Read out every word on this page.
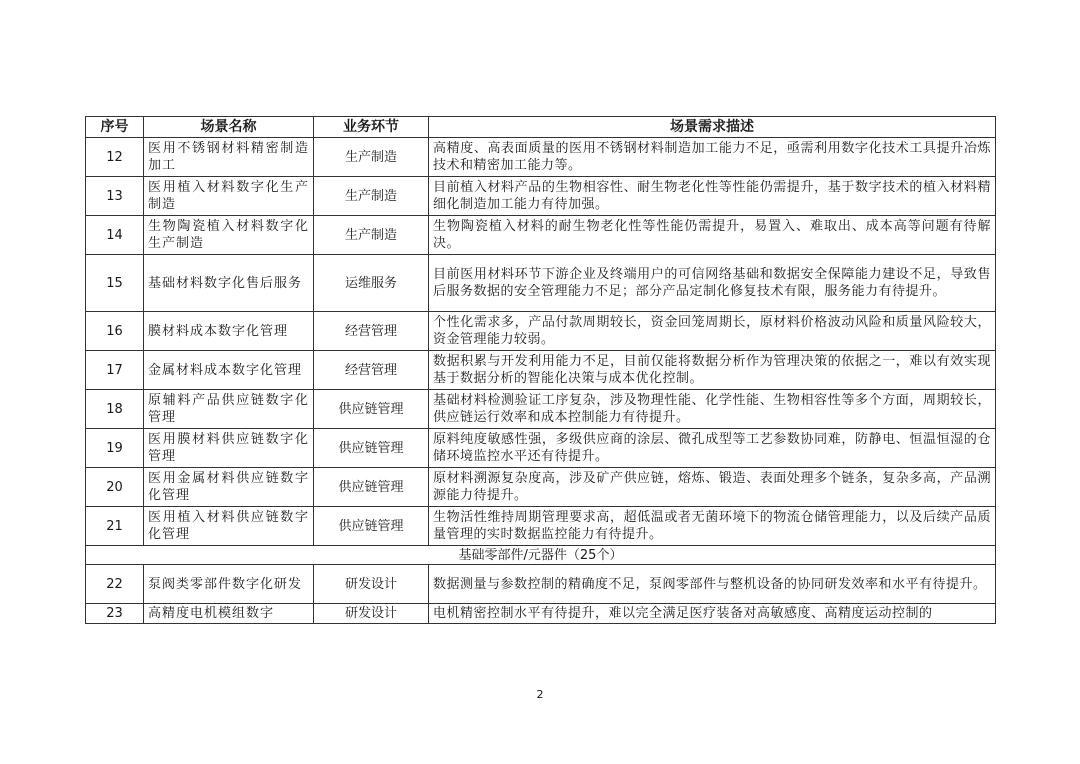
序号	场景名称	业务环节	场景需求描述
12	医用不锈钢材料精密制造加工	生产制造	高精度、高表面质量的医用不锈钢材料制造加工能力不足，亟需利用数字化技术工具提升冶炼技术和精密加工能力等。
13	医用植入材料数字化生产制造	生产制造	目前植入材料产品的生物相容性、耐生物老化性等性能仍需提升，基于数字技术的植入材料精细化制造加工能力有待加强。
14	生物陶瓷植入材料数字化生产制造	生产制造	生物陶瓷植入材料的耐生物老化性等性能仍需提升，易置入、难取出、成本高等问题有待解决。
15	基础材料数字化售后服务	运维服务	目前医用材料环节下游企业及终端用户的可信网络基础和数据安全保障能力建设不足，导致售后服务数据的安全管理能力不足；部分产品定制化修复技术有限，服务能力有待提升。
16	膜材料成本数字化管理	经营管理	个性化需求多，产品付款周期较长，资金回笼周期长，原材料价格波动风险和质量风险较大，资金管理能力较弱。
17	金属材料成本数字化管理	经营管理	数据积累与开发利用能力不足，目前仅能将数据分析作为管理决策的依据之一，难以有效实现基于数据分析的智能化决策与成本优化控制。
18	原辅料产品供应链数字化管理	供应链管理	基础材料检测验证工序复杂，涉及物理性能、化学性能、生物相容性等多个方面，周期较长，供应链运行效率和成本控制能力有待提升。
19	医用膜材料供应链数字化管理	供应链管理	原料纯度敏感性强，多级供应商的涂层、微孔成型等工艺参数协同难，防静电、恒温恒湿的仓储环境监控水平还有待提升。
20	医用金属材料供应链数字化管理	供应链管理	原材料溯源复杂度高，涉及矿产供应链，熔炼、锻造、表面处理多个链条，复杂多高，产品溯源能力待提升。
21	医用植入材料供应链数字化管理	供应链管理	生物活性维持周期管理要求高，超低温或者无菌环境下的物流仓储管理能力，以及后续产品质量管理的实时数据监控能力有待提升。
基础零部件/元器件（25个）			
22	泵阀类零部件数字化研发	研发设计	数据测量与参数控制的精确度不足，泵阀零部件与整机设备的协同研发效率和水平有待提升。
23	高精度电机模组数字	研发设计	电机精密控制水平有待提升，难以完全满足医疗装备对高敏感度、高精度运动控制的
2
